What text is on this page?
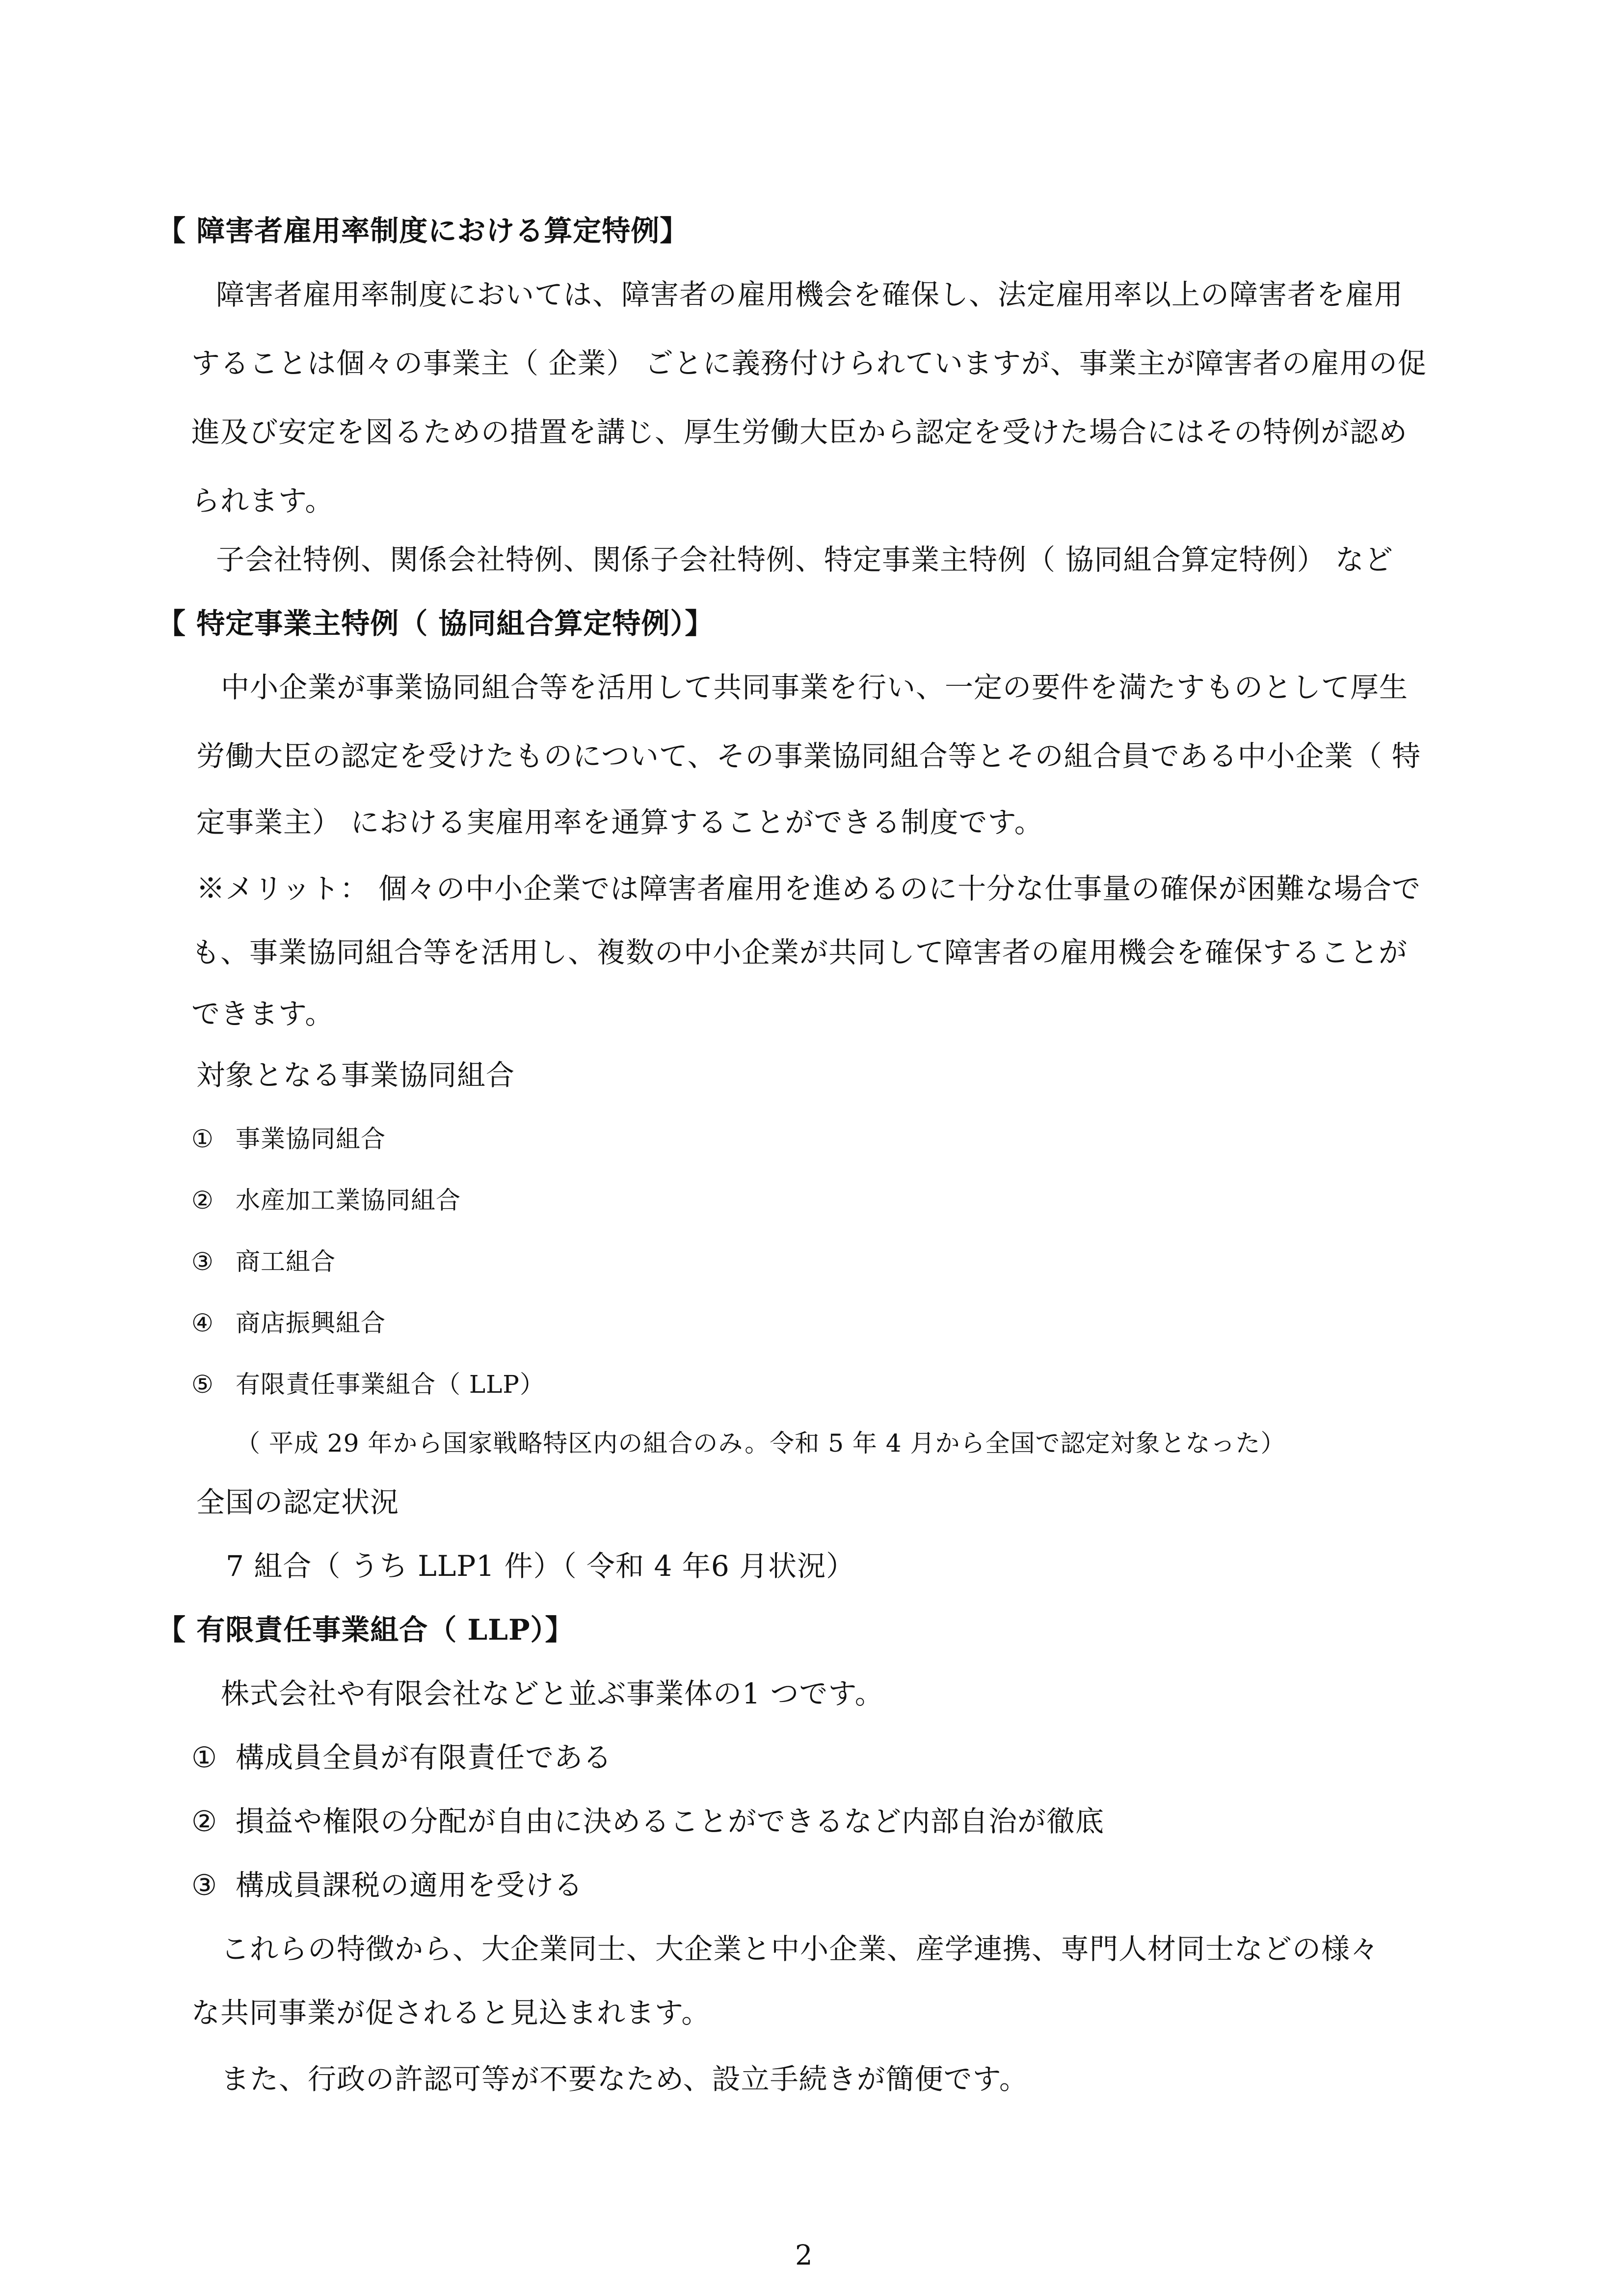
【 障害者雇用率制度における算定特例】
障害者雇用率制度においては、障害者の雇用機会を確保し、法定雇用率以上の障害者を雇用
することは個々の事業主（ 企業） ごとに義務付けられていますが、事業主が障害者の雇用の促
進及び安定を図るための措置を講じ、厚生労働大臣から認定を受けた場合にはその特例が認め
られます。
子会社特例、関係会社特例、関係子会社特例、特定事業主特例（ 協同組合算定特例） など
【 特定事業主特例（ 協同組合算定特例）】
中小企業が事業協同組合等を活用して共同事業を行い、一定の要件を満たすものとして厚生
労働大臣の認定を受けたものについて、その事業協同組合等とその組合員である中小企業（ 特
定事業主） における実雇用率を通算することができる制度です。
※メリット： 個々の中小企業では障害者雇用を進めるのに十分な仕事量の確保が困難な場合で
も、事業協同組合等を活用し、複数の中小企業が共同して障害者の雇用機会を確保することが
できます。
対象となる事業協同組合
① 事業協同組合
② 水産加工業協同組合
③ 商工組合
④ 商店振興組合
⑤ 有限責任事業組合（ LLP）
（ 平成 29 年から国家戦略特区内の組合のみ。令和 5 年 4 月から全国で認定対象となった）
全国の認定状況
7 組合（ うち LLP1 件）（ 令和 4 年6 月状況）
【 有限責任事業組合（ LLP）】
株式会社や有限会社などと並ぶ事業体の1 つです。
① 構成員全員が有限責任である
② 損益や権限の分配が自由に決めることができるなど内部自治が徹底
③ 構成員課税の適用を受ける
これらの特徴から、大企業同士、大企業と中小企業、産学連携、専門人材同士などの様々
な共同事業が促されると見込まれます。
また、行政の許認可等が不要なため、設立手続きが簡便です。
2
